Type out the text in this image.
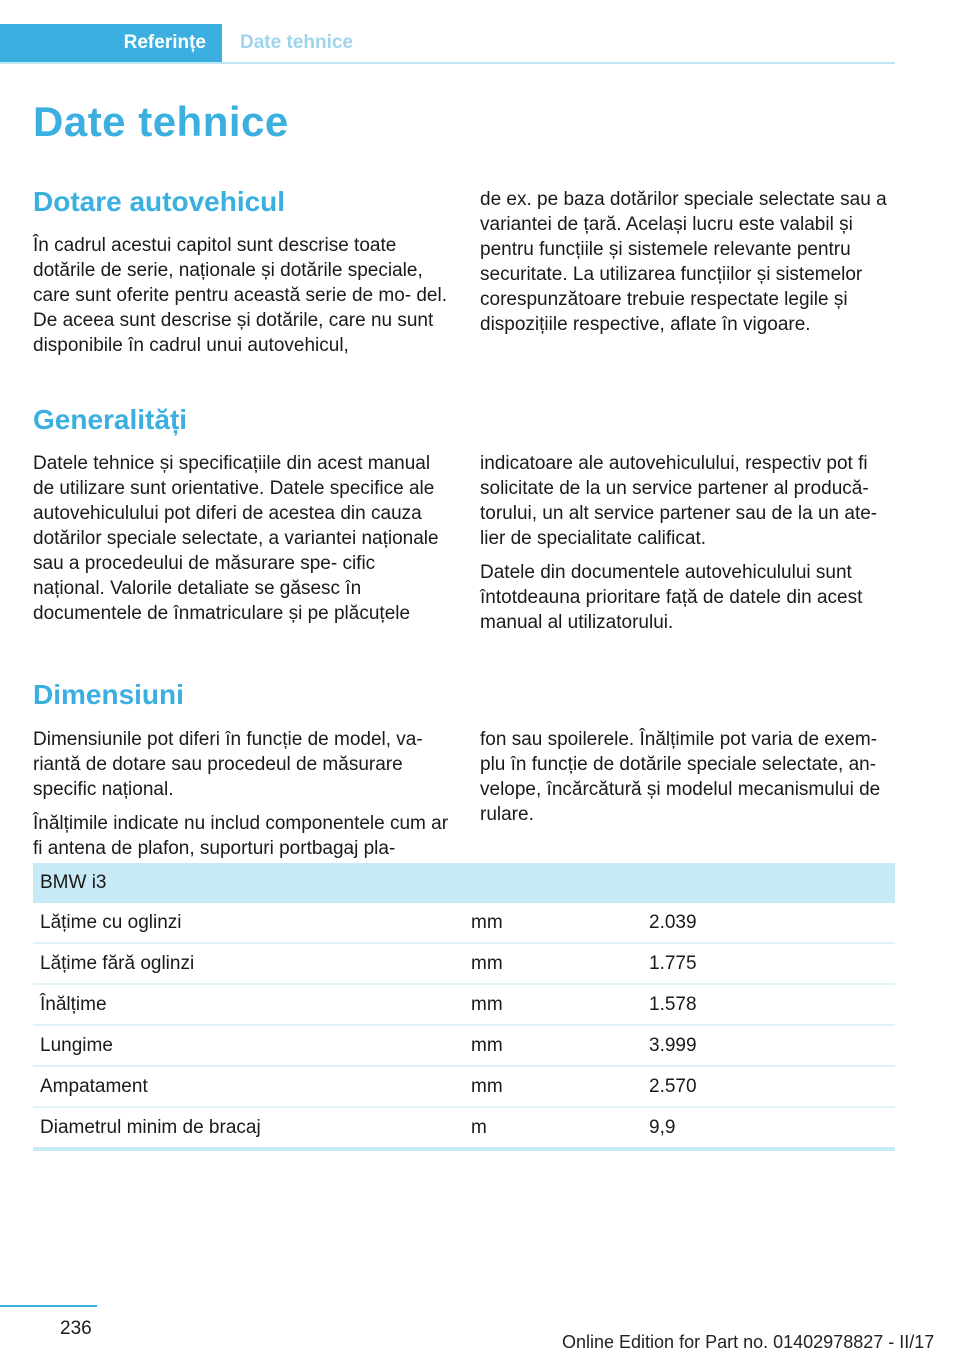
Referințe	Date tehnice
Date tehnice
Dotare autovehicul

În cadrul acestui capitol sunt descrise toate dotările de serie, naționale și dotările speciale, care sunt oferite pentru această serie de mo‐ del. De aceea sunt descrise și dotările, care nu sunt disponibile în cadrul unui autovehicul,

de ex. pe baza dotărilor speciale selectate sau a variantei de țară. Același lucru este valabil și pentru funcțiile și sistemele relevante pentru securitate. La utilizarea funcțiilor și sistemelor corespunzătoare trebuie respectate legile și dispozițiile respective, aflate în vigoare.

Generalități

Datele tehnice și specificațiile din acest manual de utilizare sunt orientative. Datele specifice ale autovehiculului pot diferi de acestea din cauza dotărilor speciale selectate, a variantei naționale sau a procedeului de măsurare spe‐ cific național. Valorile detaliate se găsesc în documentele de înmatriculare și pe plăcuțele

indicatoare ale autovehiculului, respectiv pot fi solicitate de la un service partener al producă‐ torului, un alt service partener sau de la un ate‐ lier de specialitate calificat.

Datele din documentele autovehiculului sunt întotdeauna prioritare față de datele din acest manual al utilizatorului.

Dimensiuni

Dimensiunile pot diferi în funcție de model, va‐ riantă de dotare sau procedeul de măsurare specific național.

Înălțimile indicate nu includ componentele cum ar fi antena de plafon, suporturi portbagaj pla‐

fon sau spoilerele. Înălțimile pot varia de exem‐ plu în funcție de dotările speciale selectate, an‐ velope, încărcătură și modelul mecanismului de rulare.

BMW i3		
Lățime cu oglinzi	mm	2.039
Lățime fără oglinzi	mm	1.775
Înălțime	mm	1.578
Lungime	mm	3.999
Ampatament	mm	2.570
Diametrul minim de bracaj	m	9,9
236
Online Edition for Part no. 01402978827 - II/17
